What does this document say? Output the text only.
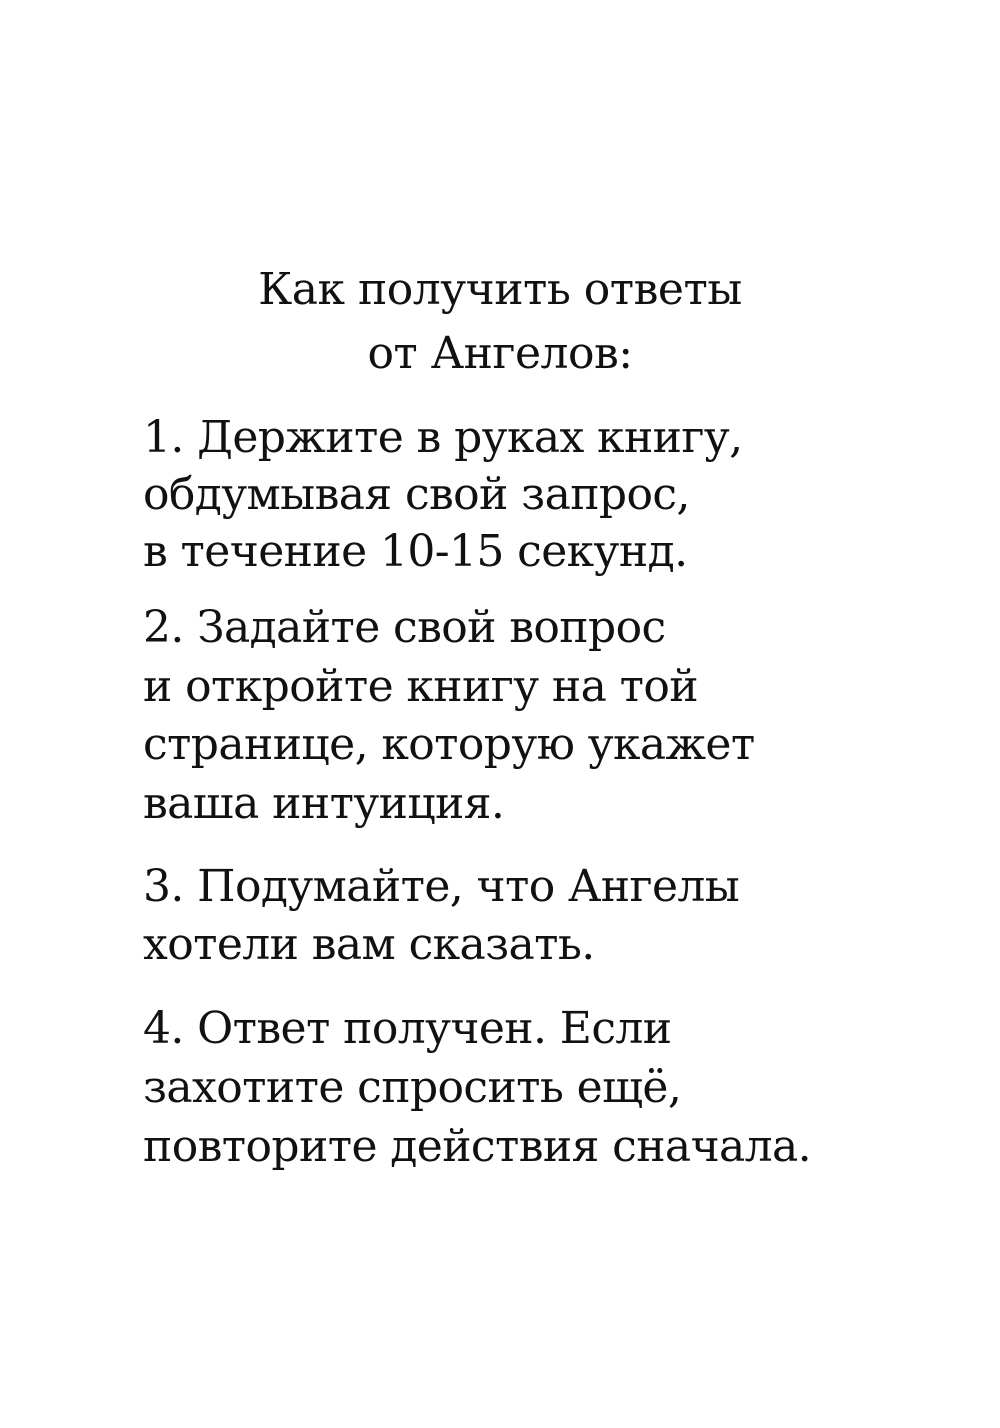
Как получить ответы
от Ангелов:
1. Держите в руках книгу,
обдумывая свой запрос,
в течение 10-15 секунд.
2. Задайте свой вопрос
и откройте книгу на той
странице, которую укажет
ваша интуиция.
3. Подумайте, что Ангелы
хотели вам сказать.
4. Ответ получен. Если
захотите спросить ещё,
повторите действия сначала.
